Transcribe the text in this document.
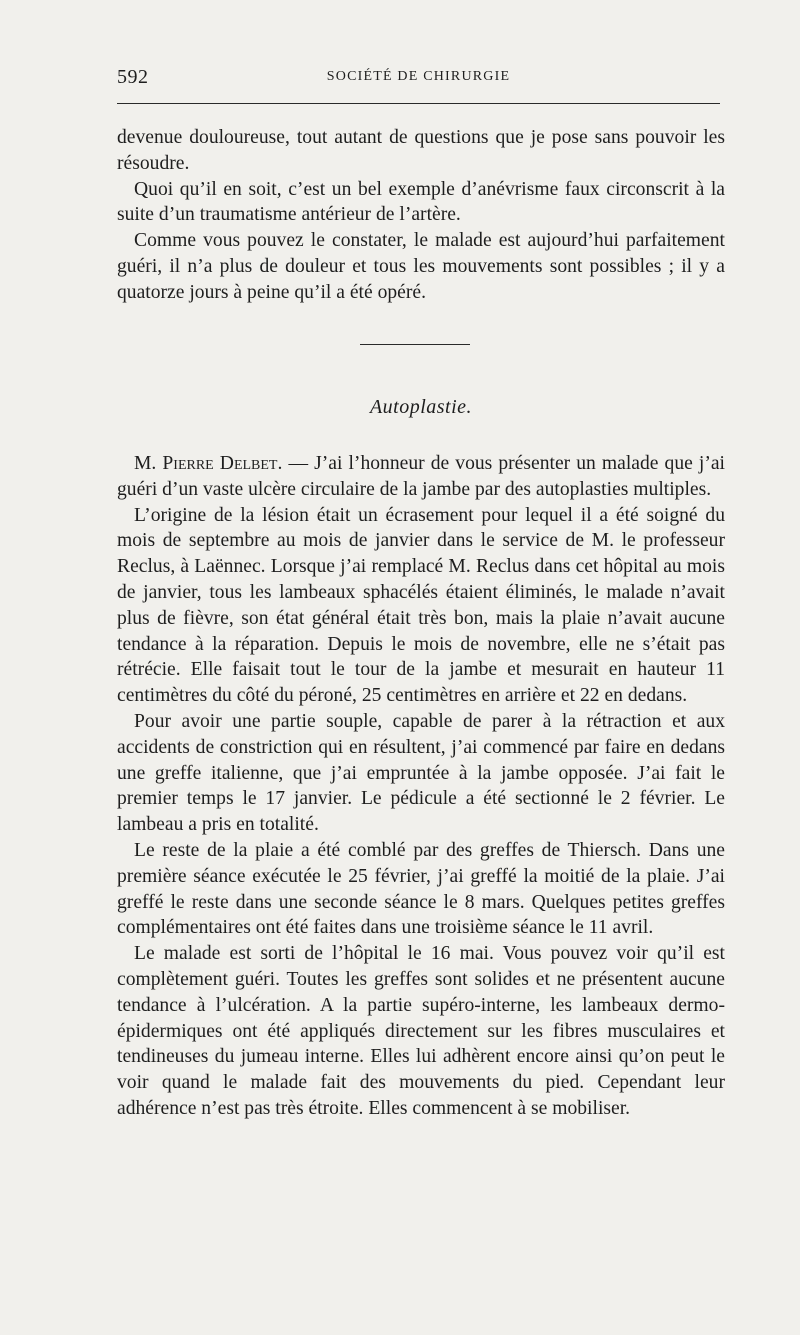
592	SOCIÉTÉ DE CHIRURGIE

devenue douloureuse, tout autant de questions que je pose sans pouvoir les résoudre.

Quoi qu’il en soit, c’est un bel exemple d’anévrisme faux circonscrit à la suite d’un traumatisme antérieur de l’artère.

Comme vous pouvez le constater, le malade est aujourd’hui parfaitement guéri, il n’a plus de douleur et tous les mouvements sont possibles ; il y a quatorze jours à peine qu’il a été opéré.

Autoplastie.

M. Pierre Delbet. — J’ai l’honneur de vous présenter un malade que j’ai guéri d’un vaste ulcère circulaire de la jambe par des autoplasties multiples.

L’origine de la lésion était un écrasement pour lequel il a été soigné du mois de septembre au mois de janvier dans le service de M. le professeur Reclus, à Laënnec. Lorsque j’ai remplacé M. Reclus dans cet hôpital au mois de janvier, tous les lambeaux sphacélés étaient éliminés, le malade n’avait plus de fièvre, son état général était très bon, mais la plaie n’avait aucune tendance à la réparation. Depuis le mois de novembre, elle ne s’était pas rétrécie. Elle faisait tout le tour de la jambe et mesurait en hauteur 11 centimètres du côté du péroné, 25 centimètres en arrière et 22 en dedans.

Pour avoir une partie souple, capable de parer à la rétraction et aux accidents de constriction qui en résultent, j’ai commencé par faire en dedans une greffe italienne, que j’ai empruntée à la jambe opposée. J’ai fait le premier temps le 17 janvier. Le pédicule a été sectionné le 2 février. Le lambeau a pris en totalité.

Le reste de la plaie a été comblé par des greffes de Thiersch. Dans une première séance exécutée le 25 février, j’ai greffé la moitié de la plaie. J’ai greffé le reste dans une seconde séance le 8 mars. Quelques petites greffes complémentaires ont été faites dans une troisième séance le 11 avril.

Le malade est sorti de l’hôpital le 16 mai. Vous pouvez voir qu’il est complètement guéri. Toutes les greffes sont solides et ne présentent aucune tendance à l’ulcération. A la partie supéro-interne, les lambeaux dermo-épidermiques ont été appliqués directement sur les fibres musculaires et tendineuses du jumeau interne. Elles lui adhèrent encore ainsi qu’on peut le voir quand le malade fait des mouvements du pied. Cependant leur adhérence n’est pas très étroite. Elles commencent à se mobiliser.
